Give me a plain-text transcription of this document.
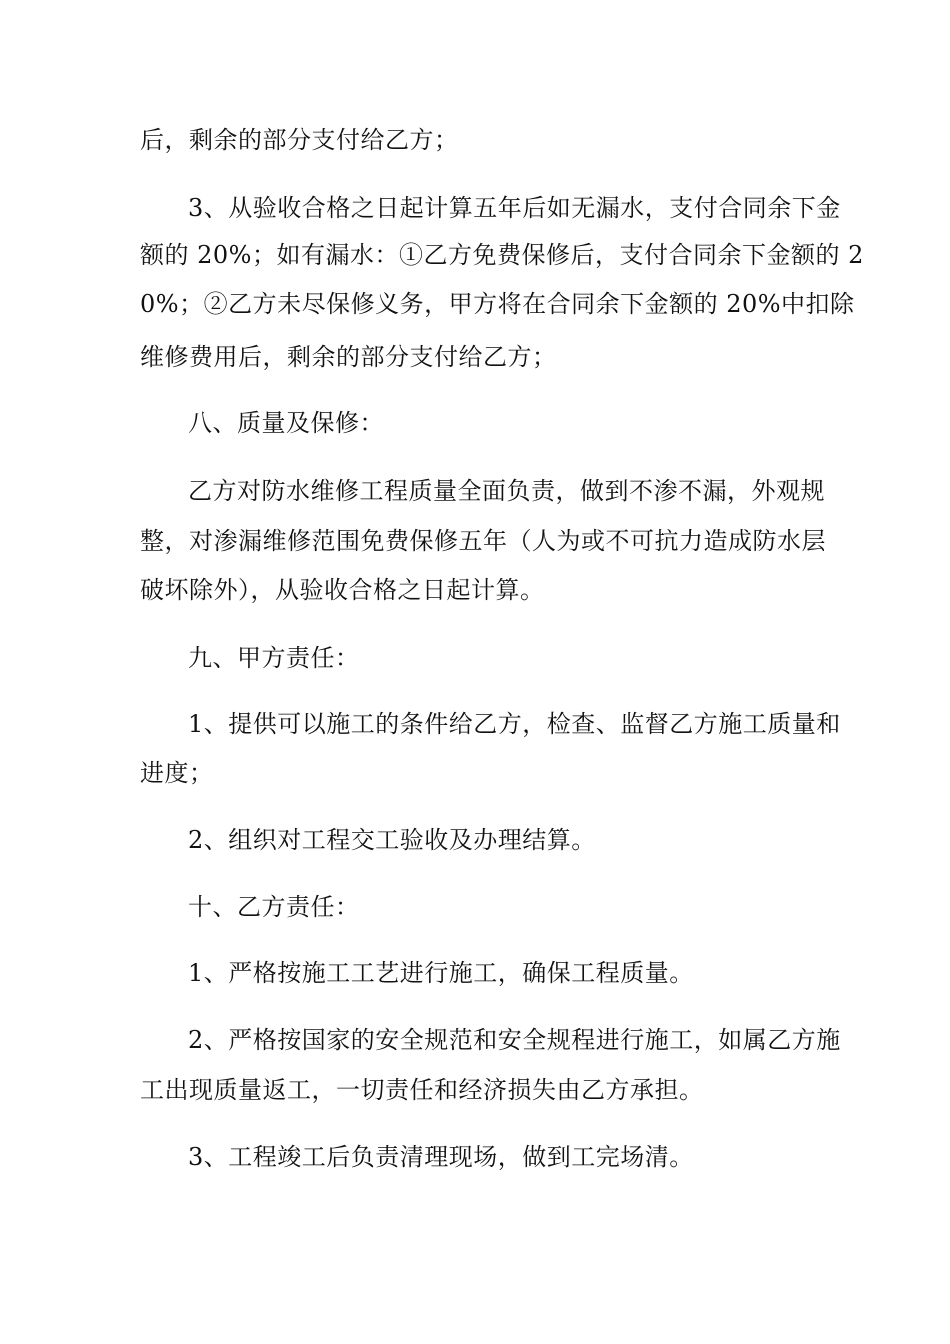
后，剩余的部分支付给乙方；
3、从验收合格之日起计算五年后如无漏水，支付合同余下金
额的 20%；如有漏水：①乙方免费保修后，支付合同余下金额的 2
0%；②乙方未尽保修义务，甲方将在合同余下金额的 20%中扣除
维修费用后，剩余的部分支付给乙方；
八、质量及保修：
乙方对防水维修工程质量全面负责，做到不渗不漏，外观规
整，对渗漏维修范围免费保修五年（人为或不可抗力造成防水层
破坏除外），从验收合格之日起计算。
九、甲方责任：
1、提供可以施工的条件给乙方，检查、监督乙方施工质量和
进度；
2、组织对工程交工验收及办理结算。
十、乙方责任：
1、严格按施工工艺进行施工，确保工程质量。
2、严格按国家的安全规范和安全规程进行施工，如属乙方施
工出现质量返工，一切责任和经济损失由乙方承担。
3、工程竣工后负责清理现场，做到工完场清。
